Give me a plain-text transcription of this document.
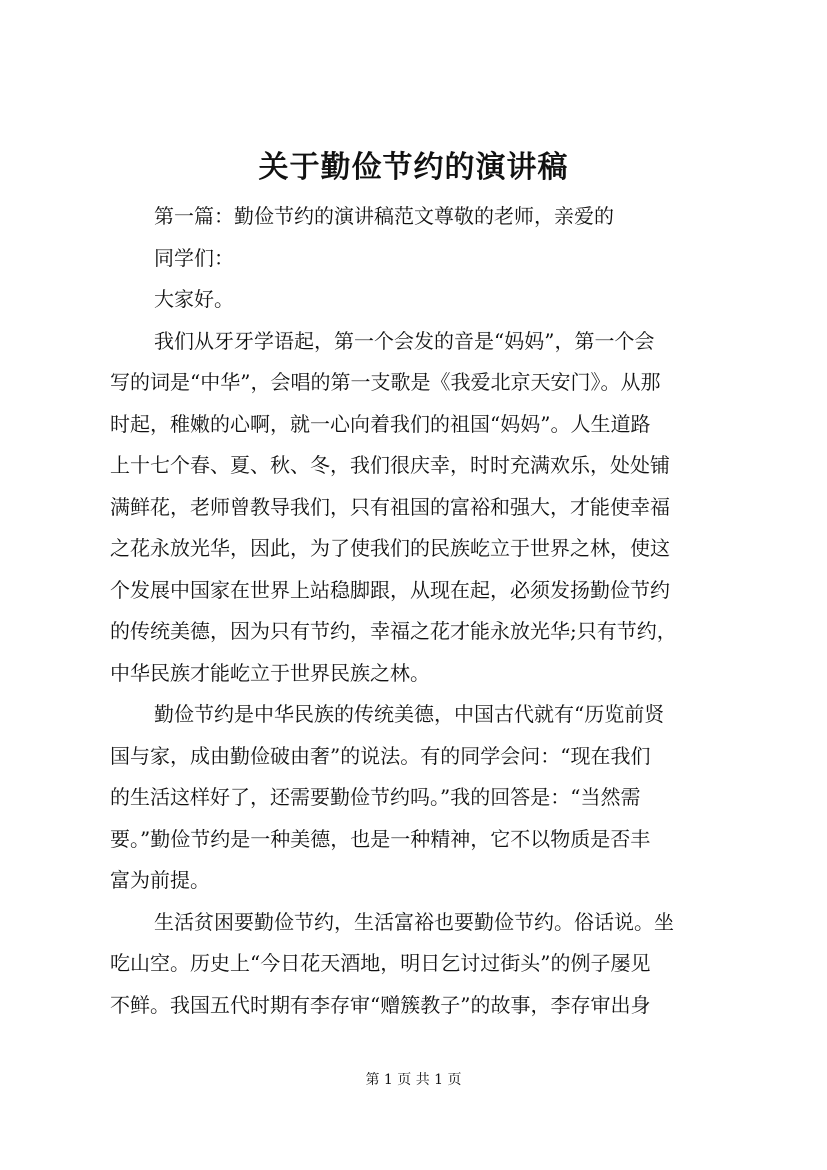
关于勤俭节约的演讲稿
第一篇：勤俭节约的演讲稿范文尊敬的老师，亲爱的
同学们：
大家好。
我们从牙牙学语起，第一个会发的音是“妈妈”，第一个会
写的词是“中华”，会唱的第一支歌是《我爱北京天安门》。从那
时起，稚嫩的心啊，就一心向着我们的祖国“妈妈”。人生道路
上十七个春、夏、秋、冬，我们很庆幸，时时充满欢乐，处处铺
满鲜花，老师曾教导我们，只有祖国的富裕和强大，才能使幸福
之花永放光华，因此，为了使我们的民族屹立于世界之林，使这
个发展中国家在世界上站稳脚跟，从现在起，必须发扬勤俭节约
的传统美德，因为只有节约，幸福之花才能永放光华;只有节约，
中华民族才能屹立于世界民族之林。
勤俭节约是中华民族的传统美德，中国古代就有“历览前贤
国与家，成由勤俭破由奢”的说法。有的同学会问：“现在我们
的生活这样好了，还需要勤俭节约吗。”我的回答是：“当然需
要。”勤俭节约是一种美德，也是一种精神，它不以物质是否丰
富为前提。
生活贫困要勤俭节约，生活富裕也要勤俭节约。俗话说。坐
吃山空。历史上“今日花天酒地，明日乞讨过街头”的例子屡见
不鲜。我国五代时期有李存审“赠簇教子”的故事，李存审出身
第 1 页 共 1 页
